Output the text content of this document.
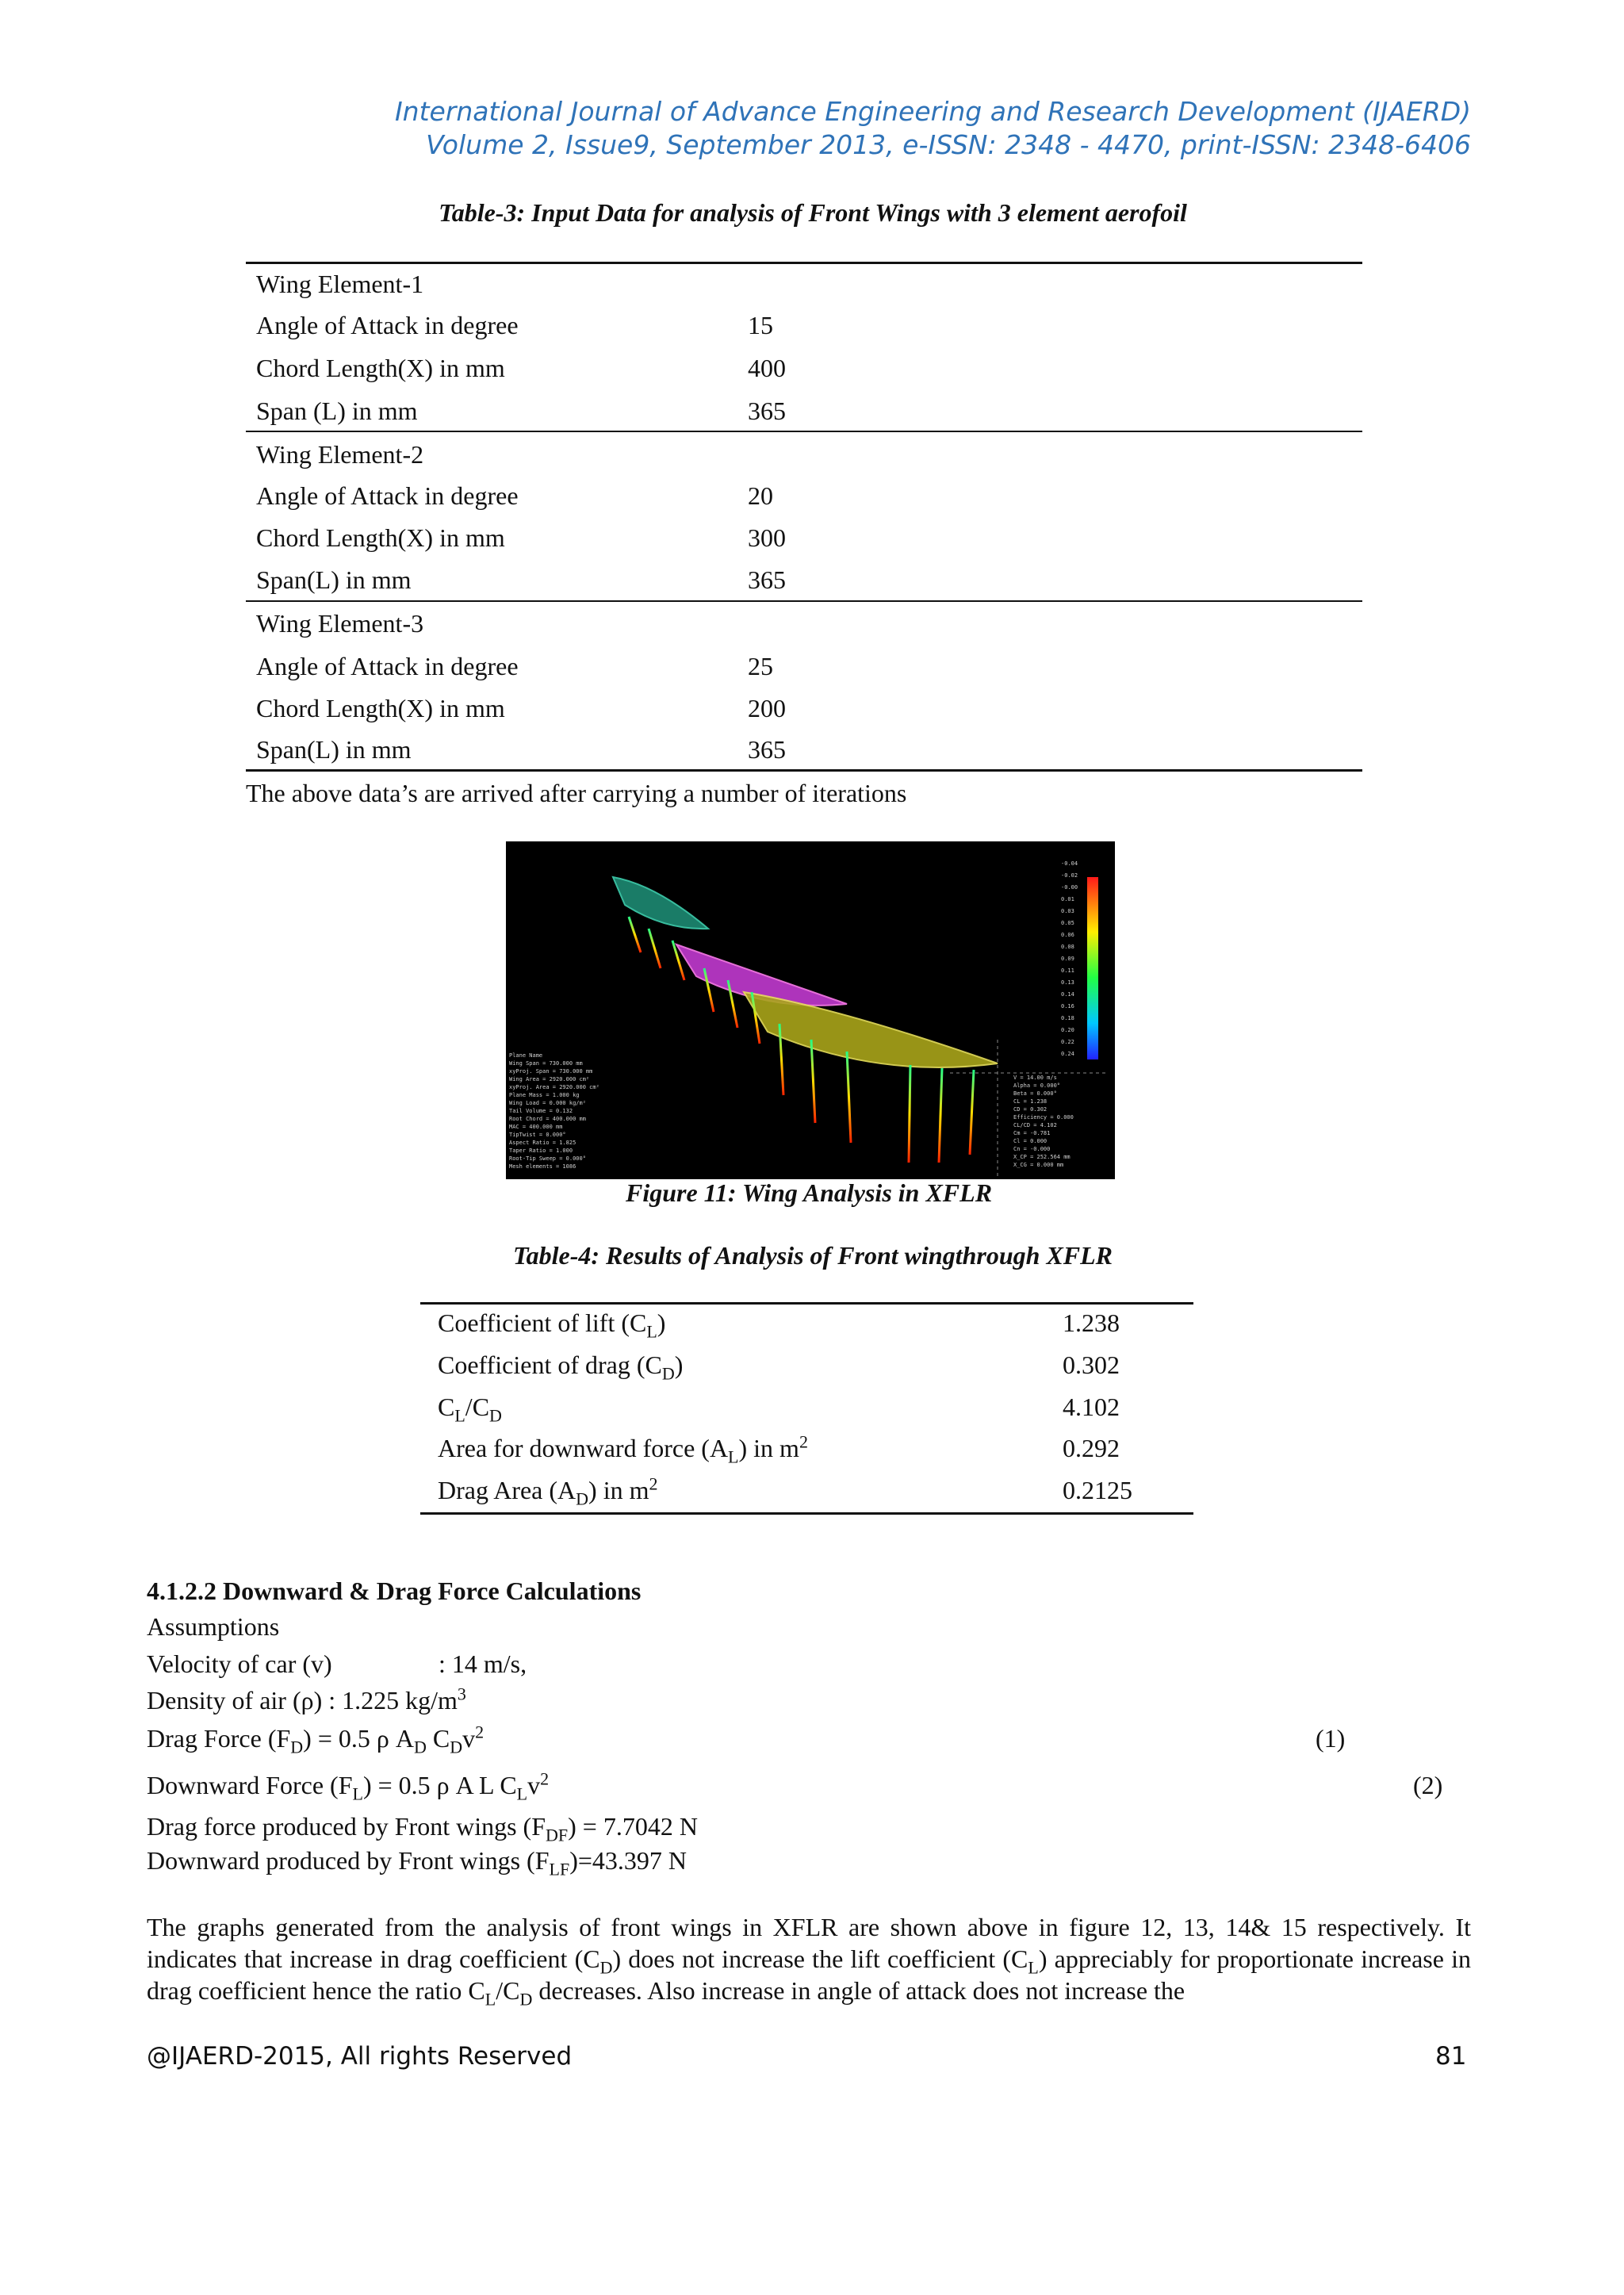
International Journal of Advance Engineering and Research Development (IJAERD)
Volume 2, Issue9, September 2013, e-ISSN: 2348 - 4470, print-ISSN: 2348-6406
Table-3: Input Data for analysis of Front Wings with 3 element aerofoil
Wing Element-1
Angle of Attack in degree	15
Chord Length(X) in mm	400
Span (L) in mm	365
Wing Element-2
Angle of Attack in degree	20
Chord Length(X) in mm	300
Span(L) in mm	365
Wing Element-3
Angle of Attack in degree	25
Chord Length(X) in mm	200
Span(L) in mm	365
The above data’s are arrived after carrying a number of iterations
-0.04
-0.02
-0.00
0.01
0.03
0.05
0.06
0.08
0.09
0.11
0.13
0.14
0.16
0.18
0.20
0.22
0.24
Plane Name
Wing Span = 730.000 mm
xyProj. Span = 730.000 mm
Wing Area = 2920.000 cm²
xyProj. Area = 2920.000 cm²
Plane Mass = 1.000 kg
Wing Load = 0.000 kg/m²
Tail Volume = 0.132
Root Chord = 400.000 mm
MAC = 400.000 mm
TipTwist = 0.000°
Aspect Ratio = 1.825
Taper Ratio = 1.000
Root-Tip Sweep = 0.000°
Mesh elements = 1086
V = 14.00 m/s
Alpha = 0.000°
Beta = 0.000°
CL = 1.238
CD = 0.302
Efficiency = 0.000
CL/CD = 4.102
Cm = -0.781
Cl = 0.000
Cn = -0.000
X_CP = 252.564 mm
X_CG = 0.000 mm
Figure 11: Wing Analysis in XFLR
Table-4: Results of Analysis of Front wingthrough XFLR
Coefficient of lift $(C_L)$	1.238
Coefficient of drag $(C_D)$	0.302
$C_L/C_D$	4.102
Area for downward force $(A_L)$ in $m^2$	0.292
Drag Area $(A_D)$ in $m^2$	0.2125
4.1.2.2 Downward & Drag Force Calculations
Assumptions
Velocity of car (v)	: 14 m/s,
Density of air (ρ) : 1.225 $kg/m^3$
Drag Force $(F_D) = 0.5$ ρ $A_D$ $C_Dv^2$	(1)
Downward Force $(F_L) = 0.5$ ρ A L $C_Lv^2$	(2)
Drag force produced by Front wings $(F_{DF}) = 7.7042$ N
Downward produced by Front wings $(F_{LF})=43.397$ N
The graphs generated from the analysis of front wings in XFLR are shown above in figure 12, 13, 14& 15 respectively. It indicates that increase in drag coefficient $(C_D)$ does not increase the lift coefficient $(C_L)$ appreciably for proportionate increase in drag coefficient hence the ratio $C_L/C_D$ decreases. Also increase in angle of attack does not increase the
@IJAERD-2015, All rights Reserved	81
